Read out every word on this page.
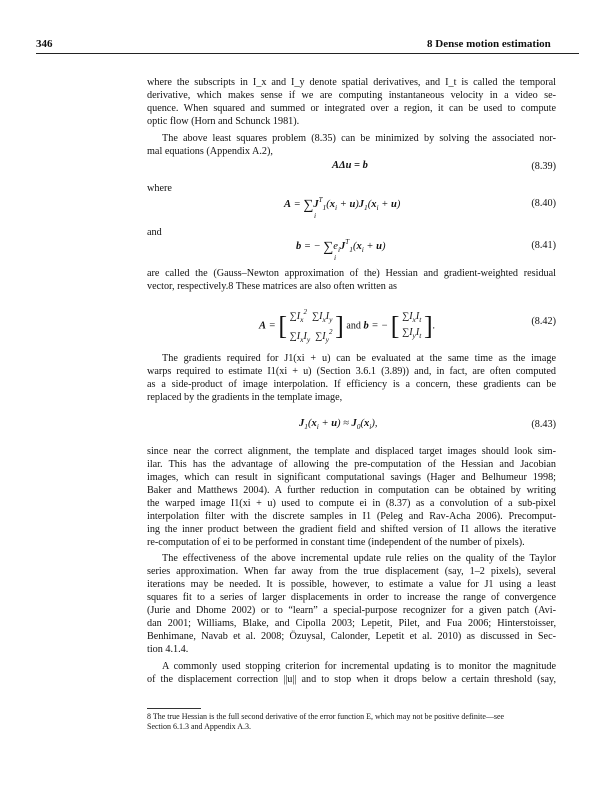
346	8 Dense motion estimation
where the subscripts in I_x and I_y denote spatial derivatives, and I_t is called the temporal
derivative, which makes sense if we are computing instantaneous velocity in a video se-
quence. When squared and summed or integrated over a region, it can be used to compute
optic flow (Horn and Schunck 1981).
The above least squares problem (8.35) can be minimized by solving the associated nor-
mal equations (Appendix A.2),
AΔu = b	(8.39)
where
$A = \sum J^T_1(x_i + u)J_1(x_i + u)$
i
(8.40)
and
b = − $\sum e_iJ^T_1(x_i + u)$
i
(8.41)
are called the (Gauss–Newton approximation of the) Hessian and gradient-weighted residual
vector, respectively.8 These matrices are also often written as
A = [ $\sum I_x^2$  $\sum I_xI_y$
$\sum I_xI_y$  $\sum I_y^2$ ] and b = − [ $\sum I_xI_t$
$\sum I_yI_t$ ].	(8.42)
The gradients required for J1(xi + u) can be evaluated at the same time as the image
warps required to estimate I1(xi + u) (Section 3.6.1 (3.89)) and, in fact, are often computed
as a side-product of image interpolation. If efficiency is a concern, these gradients can be
replaced by the gradients in the template image,
$J_1(x_i + u) \approx J_0(x_i)$,	(8.43)
since near the correct alignment, the template and displaced target images should look sim-
ilar. This has the advantage of allowing the pre-computation of the Hessian and Jacobian
images, which can result in significant computational savings (Hager and Belhumeur 1998;
Baker and Matthews 2004). A further reduction in computation can be obtained by writing
the warped image I1(xi + u) used to compute ei in (8.37) as a convolution of a sub-pixel
interpolation filter with the discrete samples in I1 (Peleg and Rav-Acha 2006). Precomput-
ing the inner product between the gradient field and shifted version of I1 allows the iterative
re-computation of ei to be performed in constant time (independent of the number of pixels).
The effectiveness of the above incremental update rule relies on the quality of the Taylor
series approximation. When far away from the true displacement (say, 1–2 pixels), several
iterations may be needed. It is possible, however, to estimate a value for J1 using a least
squares fit to a series of larger displacements in order to increase the range of convergence
(Jurie and Dhome 2002) or to “learn” a special-purpose recognizer for a given patch (Avi-
dan 2001; Williams, Blake, and Cipolla 2003; Lepetit, Pilet, and Fua 2006; Hinterstoisser,
Benhimane, Navab et al. 2008; Özuysal, Calonder, Lepetit et al. 2010) as discussed in Sec-
tion 4.1.4.
A commonly used stopping criterion for incremental updating is to monitor the magnitude
of the displacement correction ||u|| and to stop when it drops below a certain threshold (say,
8 The true Hessian is the full second derivative of the error function E, which may not be positive definite—see
Section 6.1.3 and Appendix A.3.
